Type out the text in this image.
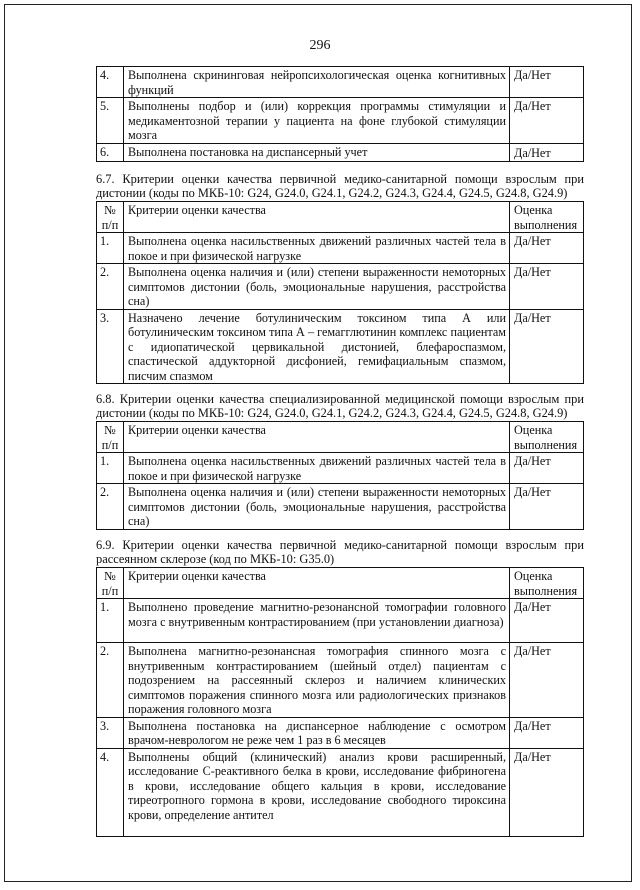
296
4.	Выполнена скрининговая нейропсихологическая оценка когнитивных функций	Да/Нет
5.	Выполнены подбор и (или) коррекция программы стимуляции и медикаментозной терапии у пациента на фоне глубокой стимуляции мозга	Да/Нет
6.	Выполнена постановка на диспансерный учет	Да/Нет

6.7. Критерии оценки качества первичной медико-санитарной помощи взрослым при дистонии (коды по МКБ-10: G24, G24.0, G24.1, G24.2, G24.3, G24.4, G24.5, G24.8, G24.9)

№ п/п	Критерии оценки качества	Оценка выполнения
1.	Выполнена оценка насильственных движений различных частей тела в покое и при физической нагрузке	Да/Нет
2.	Выполнена оценка наличия и (или) степени выраженности немоторных симптомов дистонии (боль, эмоциональные нарушения, расстройства сна)	Да/Нет
3.	Назначено лечение ботулиническим токсином типа А или ботулиническим токсином типа А – гемагглютинин комплекс пациентам с идиопатической цервикальной дистонией, блефароспазмом, спастической аддукторной дисфонией, гемифациальным спазмом, писчим спазмом	Да/Нет

6.8. Критерии оценки качества специализированной медицинской помощи взрослым при дистонии (коды по МКБ-10: G24, G24.0, G24.1, G24.2, G24.3, G24.4, G24.5, G24.8, G24.9)

№ п/п	Критерии оценки качества	Оценка выполнения
1.	Выполнена оценка насильственных движений различных частей тела в покое и при физической нагрузке	Да/Нет
2.	Выполнена оценка наличия и (или) степени выраженности немоторных симптомов дистонии (боль, эмоциональные нарушения, расстройства сна)	Да/Нет

6.9. Критерии оценки качества первичной медико-санитарной помощи взрослым при рассеянном склерозе (код по МКБ-10: G35.0)

№ п/п	Критерии оценки качества	Оценка выполнения
1.	Выполнено проведение магнитно-резонансной томографии головного мозга с внутривенным контрастированием (при установлении диагноза)	Да/Нет
2.	Выполнена магнитно-резонансная томография спинного мозга с внутривенным контрастированием (шейный отдел) пациентам с подозрением на рассеянный склероз и наличием клинических симптомов поражения спинного мозга или радиологических признаков поражения головного мозга	Да/Нет
3.	Выполнена постановка на диспансерное наблюдение с осмотром врачом-неврологом не реже чем 1 раз в 6 месяцев	Да/Нет
4.	Выполнены общий (клинический) анализ крови расширенный, исследование С-реактивного белка в крови, исследование фибриногена в крови, исследование общего кальция в крови, исследование тиреотропного гормона в крови, исследование свободного тироксина крови, определение антител	Да/Нет
